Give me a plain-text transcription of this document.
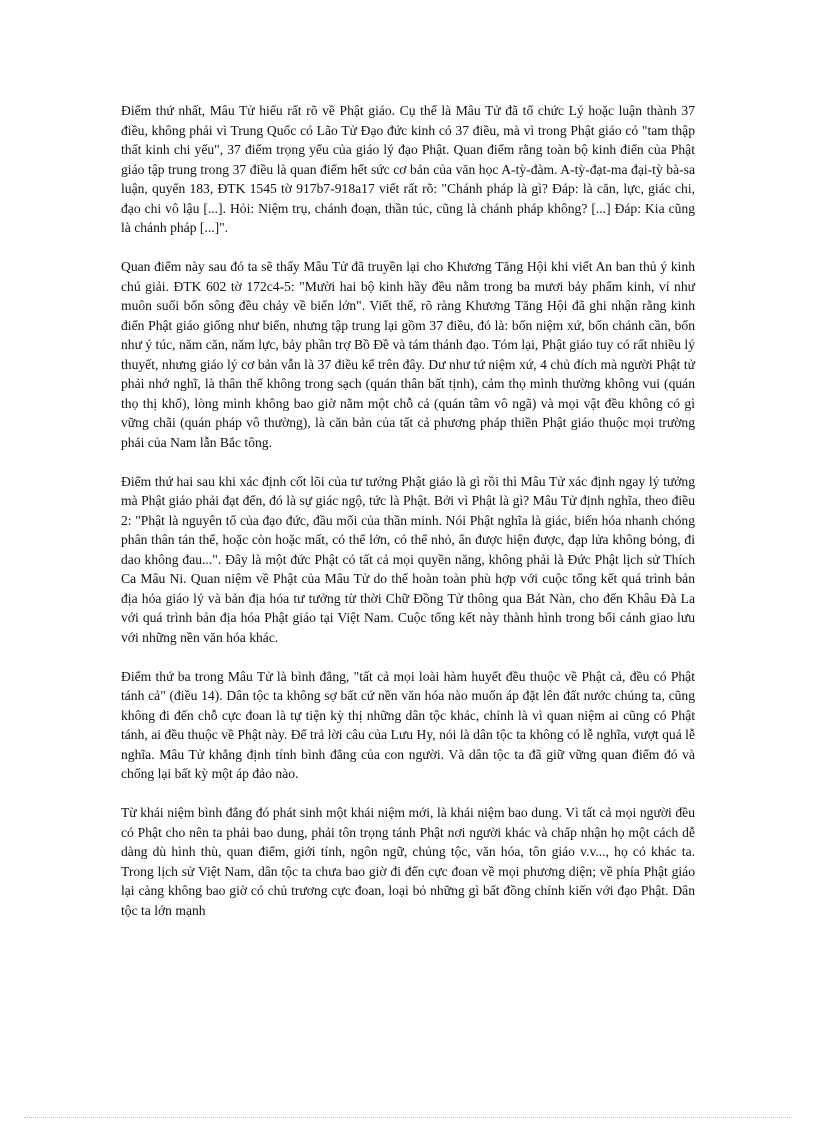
Điểm thứ nhất, Mâu Tử hiểu rất rõ về Phật giáo. Cụ thể là Mâu Tử đã tổ chức Lý hoặc luận thành 37 điều, không phải vì Trung Quốc có Lão Tử Đạo đức kinh có 37 điều, mà vì trong Phật giáo có "tam thập thất kinh chi yếu", 37 điểm trọng yếu của giáo lý đạo Phật. Quan điểm rằng toàn bộ kinh điển của Phật giáo tập trung trong 37 điều là quan điểm hết sức cơ bản của văn học A-tỳ-đàm. A-tỳ-đạt-ma đại-tỳ bà-sa luận, quyển 183, ĐTK 1545 tờ 917b7-918a17 viết rất rõ: "Chánh pháp là gì? Đáp: là căn, lực, giác chi, đạo chi vô lậu [...]. Hỏi: Niệm trụ, chánh đoạn, thần túc, cũng là chánh pháp không? [...] Đáp: Kia cũng là chánh pháp [...]".

Quan điểm này sau đó ta sẽ thấy Mâu Tử đã truyền lại cho Khương Tăng Hội khi viết An ban thủ ý kinh chú giải. ĐTK 602 tờ 172c4-5: "Mười hai bộ kinh hầy đều nằm trong ba mươi bảy phẩm kinh, ví như muôn suối bốn sông đều chảy về biển lớn". Viết thế, rõ ràng Khương Tăng Hội đã ghi nhận rằng kinh điển Phật giáo giống như biển, nhưng tập trung lại gồm 37 điều, đó là: bốn niệm xứ, bốn chánh cần, bốn như ý túc, năm căn, năm lực, bảy phần trợ Bồ Đề và tám thánh đạo. Tóm lại, Phật giáo tuy có rất nhiều lý thuyết, nhưng giáo lý cơ bản vẫn là 37 điều kể trên đây. Dư như tứ niệm xứ, 4 chủ đích mà người Phật tử phải nhớ nghĩ, là thân thể không trong sạch (quán thân bất tịnh), cảm thọ mình thường không vui (quán thọ thị khổ), lòng mình không bao giờ nằm một chỗ cả (quán tâm vô ngã) và mọi vật đều không có gì vững chãi (quán pháp vô thường), là căn bản của tất cả phương pháp thiền Phật giáo thuộc mọi trường phái của Nam lẫn Bắc tông.

Điểm thứ hai sau khi xác định cốt lõi của tư tưởng Phật giáo là gì rồi thì Mâu Tử xác định ngay lý tưởng mà Phật giáo phải đạt đến, đó là sự giác ngộ, tức là Phật. Bởi vì Phật là gì? Mâu Tử định nghĩa, theo điều 2: "Phật là nguyên tổ của đạo đức, đầu mối của thần minh. Nói Phật nghĩa là giác, biến hóa nhanh chóng phân thân tán thể, hoặc còn hoặc mất, có thể lớn, có thể nhỏ, ẩn được hiện được, đạp lửa không bỏng, đi dao không đau...". Đây là một đức Phật có tất cả mọi quyền năng, không phải là Đức Phật lịch sử Thích Ca Mâu Ni. Quan niệm về Phật của Mâu Tử do thế hoàn toàn phù hợp với cuộc tổng kết quá trình bản địa hóa giáo lý và bản địa hóa tư tưởng từ thời Chữ Đồng Tử thông qua Bát Nàn, cho đến Khâu Đà La với quá trình bản địa hóa Phật giáo tại Việt Nam. Cuộc tổng kết này thành hình trong bối cảnh giao lưu với những nền văn hóa khác.

Điểm thứ ba trong Mâu Tử là bình đẳng, "tất cả mọi loài hàm huyết đều thuộc về Phật cả, đều có Phật tánh cả" (điều 14). Dân tộc ta không sợ bất cứ nền văn hóa nào muốn áp đặt lên đất nước chúng ta, cũng không đi đến chỗ cực đoan là tự tiện kỳ thị những dân tộc khác, chính là vì quan niệm ai cũng có Phật tánh, ai đều thuộc về Phật này. Để trả lời câu của Lưu Hy, nói là dân tộc ta không có lễ nghĩa, vượt quá lễ nghĩa. Mâu Tử khẳng định tính bình đẳng của con người. Và dân tộc ta đã giữ vững quan điểm đó và chống lại bất kỳ một áp đảo nào.

Từ khái niệm bình đẳng đó phát sinh một khái niệm mới, là khái niệm bao dung. Vì tất cả mọi người đều có Phật cho nên ta phải bao dung, phải tôn trọng tánh Phật nơi người khác và chấp nhận họ một cách dễ dàng dù hình thù, quan điểm, giới tính, ngôn ngữ, chủng tộc, văn hóa, tôn giáo v.v..., họ có khác ta. Trong lịch sử Việt Nam, dân tộc ta chưa bao giờ đi đến cực đoan về mọi phương diện; về phía Phật giáo lại càng không bao giờ có chủ trương cực đoan, loại bỏ những gì bất đồng chính kiến với đạo Phật. Dân tộc ta lớn mạnh
